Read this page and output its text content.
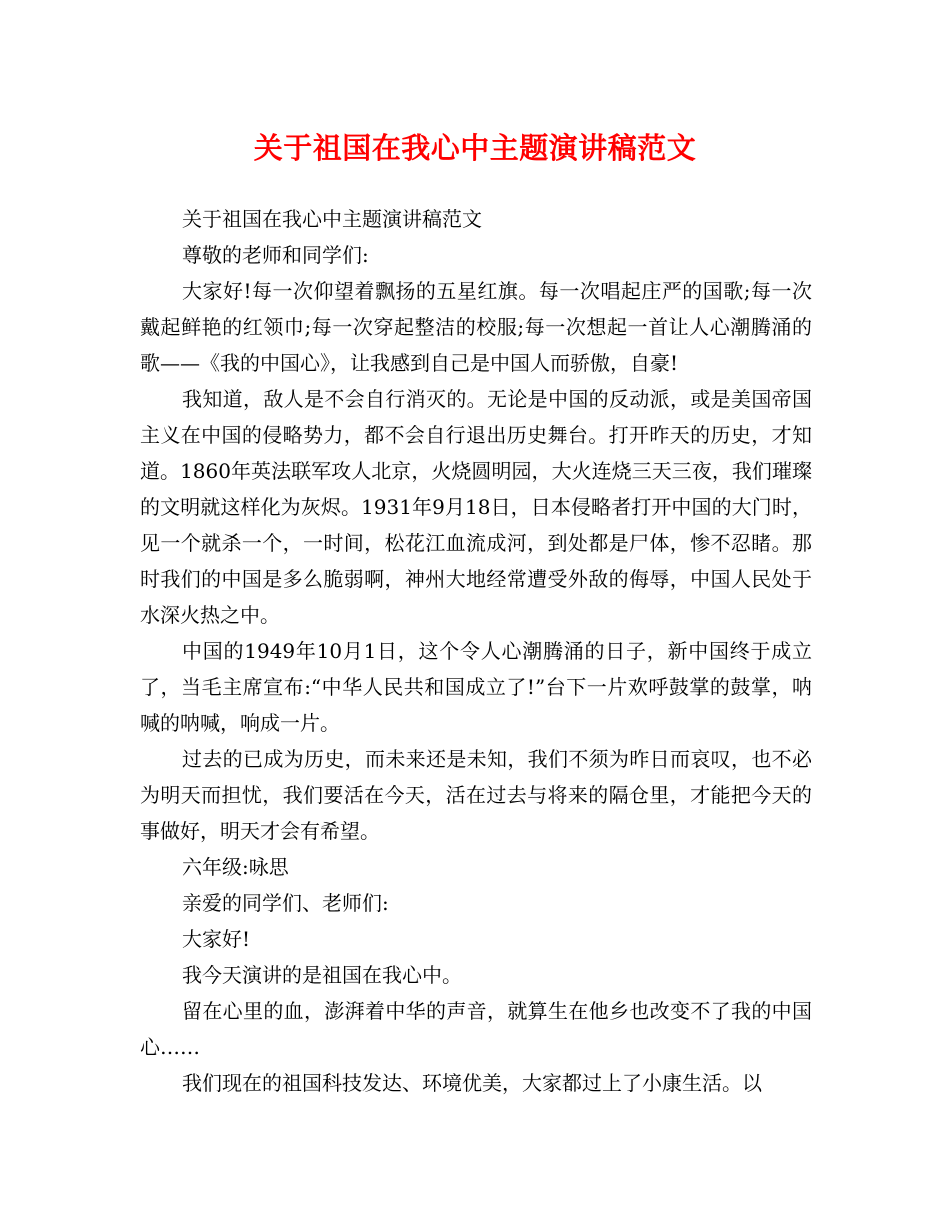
关于祖国在我心中主题演讲稿范文

关于祖国在我心中主题演讲稿范文

尊敬的老师和同学们:

大家好!每一次仰望着飘扬的五星红旗。每一次唱起庄严的国歌;每一次戴起鲜艳的红领巾;每一次穿起整洁的校服;每一次想起一首让人心潮腾涌的歌——《我的中国心》，让我感到自己是中国人而骄傲，自豪!

我知道，敌人是不会自行消灭的。无论是中国的反动派，或是美国帝国主义在中国的侵略势力，都不会自行退出历史舞台。打开昨天的历史，才知道。1860年英法联军攻人北京，火烧圆明园，大火连烧三天三夜，我们璀璨的文明就这样化为灰烬。1931年9月18日，日本侵略者打开中国的大门时，见一个就杀一个，一时间，松花江血流成河，到处都是尸体，惨不忍睹。那时我们的中国是多么脆弱啊，神州大地经常遭受外敌的侮辱，中国人民处于水深火热之中。

中国的1949年10月1日，这个令人心潮腾涌的日子，新中国终于成立了，当毛主席宣布:“中华人民共和国成立了!”台下一片欢呼鼓掌的鼓掌，呐喊的呐喊，响成一片。

过去的已成为历史，而未来还是未知，我们不须为昨日而哀叹，也不必为明天而担忧，我们要活在今天，活在过去与将来的隔仓里，才能把今天的事做好，明天才会有希望。

六年级:咏思

亲爱的同学们、老师们:

大家好!

我今天演讲的是祖国在我心中。

留在心里的血，澎湃着中华的声音，就算生在他乡也改变不了我的中国心……

我们现在的祖国科技发达、环境优美，大家都过上了小康生活。以
